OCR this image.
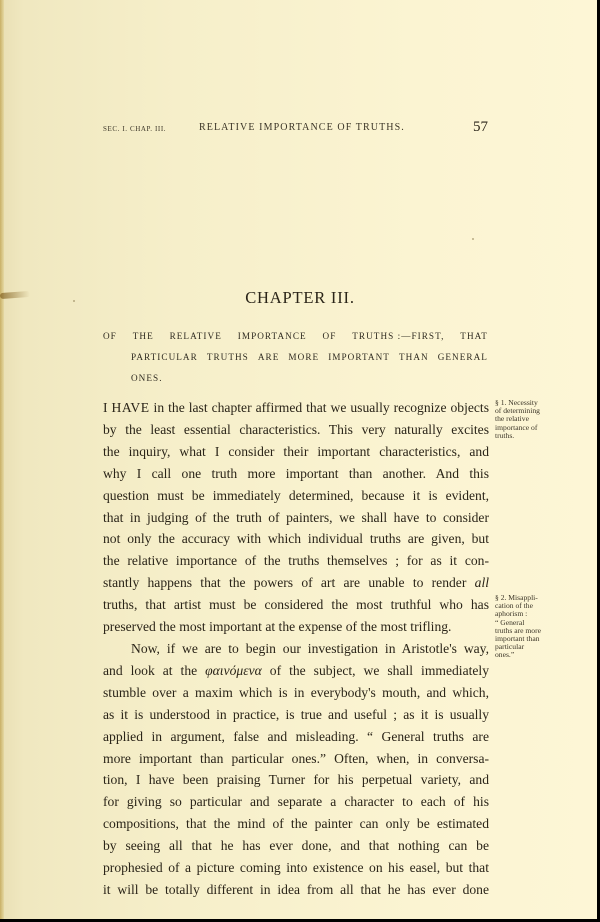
SEC. I. CHAP. III.	RELATIVE IMPORTANCE OF TRUTHS.	57
CHAPTER III.
OF THE RELATIVE IMPORTANCE OF TRUTHS :—FIRST, THAT
PARTICULAR TRUTHS ARE MORE IMPORTANT THAN GENERAL
ONES.
I HAVE in the last chapter affirmed that we usually recognize objects
by the least essential characteristics. This very naturally excites
the inquiry, what I consider their important characteristics, and
why I call one truth more important than another. And this
question must be immediately determined, because it is evident,
that in judging of the truth of painters, we shall have to consider
not only the accuracy with which individual truths are given, but
the relative importance of the truths themselves ; for as it con-
stantly happens that the powers of art are unable to render all
truths, that artist must be considered the most truthful who has
preserved the most important at the expense of the most trifling.
Now, if we are to begin our investigation in Aristotle's way,
and look at the φαινόμενα of the subject, we shall immediately
stumble over a maxim which is in everybody's mouth, and which,
as it is understood in practice, is true and useful ; as it is usually
applied in argument, false and misleading. “ General truths are
more important than particular ones.” Often, when, in conversa-
tion, I have been praising Turner for his perpetual variety, and
for giving so particular and separate a character to each of his
compositions, that the mind of the painter can only be estimated
by seeing all that he has ever done, and that nothing can be
prophesied of a picture coming into existence on his easel, but that
it will be totally different in idea from all that he has ever done
§ 1. Necessity
of determining
the relative
importance of
truths.
§ 2. Misappli-
cation of the
aphorism :
“ General
truths are more
important than
particular
ones.”
